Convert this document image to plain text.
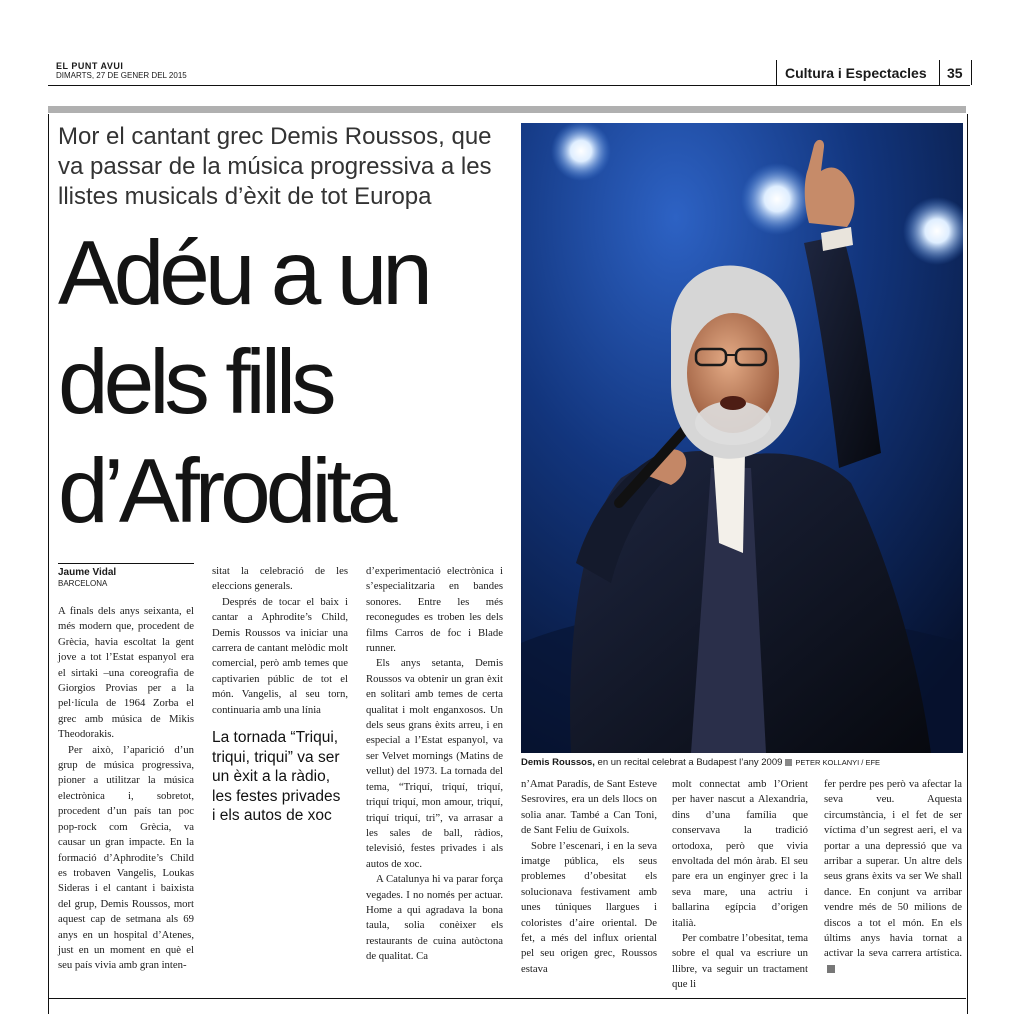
EL PUNT AVUI
DIMARTS, 27 DE GENER DEL 2015	Cultura i Espectacles 35
Mor el cantant grec Demis Roussos, que va passar de la música progressiva a les llistes musicals d’èxit de tot Europa
Adéu a un dels fills d’Afrodita
Demis Roussos, en un recital celebrat a Budapest l’any 2009 PETER KOLLANYI / EFE
Jaume Vidal
BARCELONA

A finals dels anys seixanta, el més modern que, procedent de Grècia, havia escoltat la gent jove a tot l’Estat espanyol era el sirtaki –una coreografia de Giorgios Provias per a la pel·lícula de 1964 Zorba el grec amb música de Mikis Theodorakis.

Per això, l’aparició d’un grup de música progressiva, pioner a utilitzar la música electrònica i, sobretot, procedent d’un país tan poc pop-rock com Grècia, va causar un gran impacte. En la formació d’Aphrodite’s Child es trobaven Vangelis, Loukas Sideras i el cantant i baixista del grup, Demis Roussos, mort aquest cap de setmana als 69 anys en un hospital d’Atenes, just en un moment en què el seu país vivia amb gran inten-

sitat la celebració de les eleccions generals.

Després de tocar el baix i cantar a Aphrodite’s Child, Demis Roussos va iniciar una carrera de cantant melòdic molt comercial, però amb temes que captivarien públic de tot el món. Vangelis, al seu torn, continuaria amb una línia

La tornada “Triqui, triqui, triqui” va ser un èxit a la ràdio, les festes privades i els autos de xoc

d’experimentació electrònica i s’especialitzaria en bandes sonores. Entre les més reconegudes es troben les dels films Carros de foc i Blade runner.

Els anys setanta, Demis Roussos va obtenir un gran èxit en solitari amb temes de certa qualitat i molt enganxosos. Un dels seus grans èxits arreu, i en especial a l’Estat espanyol, va ser Velvet mornings (Matins de vellut) del 1973. La tornada del tema, “Triquí, triquí, triquí, triquí triquí, mon amour, triquí, triquí triquí, tri”, va arrasar a les sales de ball, ràdios, televisió, festes privades i als autos de xoc.

A Catalunya hi va parar força vegades. I no només per actuar. Home a qui agradava la bona taula, solia conèixer els restaurants de cuina autòctona de qualitat. Ca

n’Amat Paradís, de Sant Esteve Sesrovires, era un dels llocs on solia anar. També a Can Toni, de Sant Feliu de Guíxols.

Sobre l’escenari, i en la seva imatge pública, els seus problemes d’obesitat els solucionava festivament amb unes túniques llargues i coloristes d’aire oriental. De fet, a més del influx oriental pel seu origen grec, Roussos estava

molt connectat amb l’Orient per haver nascut a Alexandria, dins d’una família que conservava la tradició ortodoxa, però que vivia envoltada del món àrab. El seu pare era un enginyer grec i la seva mare, una actriu i ballarina egípcia d’origen italià.

Per combatre l’obesitat, tema sobre el qual va escriure un llibre, va seguir un tractament que li

fer perdre pes però va afectar la seva veu. Aquesta circumstància, i el fet de ser víctima d’un segrest aeri, el va portar a una depressió que va arribar a superar. Un altre dels seus grans èxits va ser We shall dance. En conjunt va arribar vendre més de 50 milions de discos a tot el món. En els últims anys havia tornat a activar la seva carrera artística.
